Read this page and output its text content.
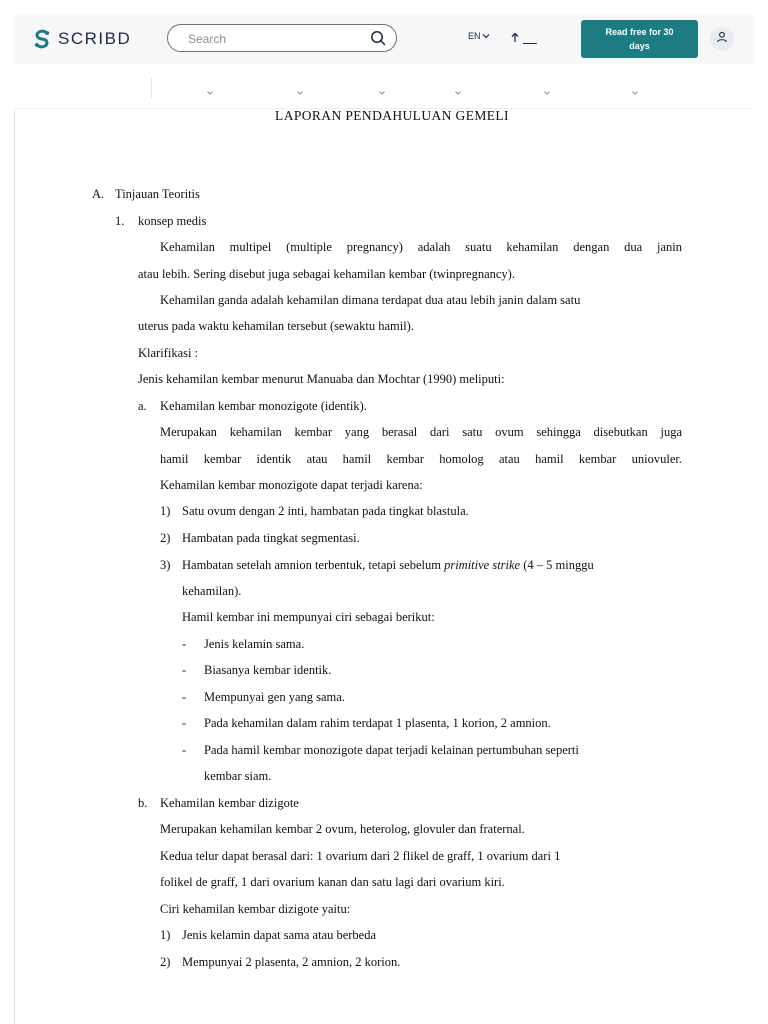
SCRIBD
Search	EN	Read free for 30 days
LAPORAN PENDAHULUAN GEMELI
A. Tinjauan Teoritis
1. konsep medis
Kehamilan multipel (multiple pregnancy) adalah suatu kehamilan dengan dua janin
atau lebih. Sering disebut juga sebagai kehamilan kembar (twinpregnancy).
Kehamilan ganda adalah kehamilan dimana terdapat dua atau lebih janin dalam satu
uterus pada waktu kehamilan tersebut (sewaktu hamil).
Klarifikasi :
Jenis kehamilan kembar menurut Manuaba dan Mochtar (1990) meliputi:
a. Kehamilan kembar monozigote (identik).
Merupakan kehamilan kembar yang berasal dari satu ovum sehingga disebutkan juga
hamil kembar identik atau hamil kembar homolog atau hamil kembar uniovuler.
Kehamilan kembar monozigote dapat terjadi karena:
1) Satu ovum dengan 2 inti, hambatan pada tingkat blastula.
2) Hambatan pada tingkat segmentasi.
3) Hambatan setelah amnion terbentuk, tetapi sebelum primitive strike (4 – 5 minggu
kehamilan).
Hamil kembar ini mempunyai ciri sebagai berikut:
- Jenis kelamin sama.
- Biasanya kembar identik.
- Mempunyai gen yang sama.
- Pada kehamilan dalam rahim terdapat 1 plasenta, 1 korion, 2 amnion.
- Pada hamil kembar monozigote dapat terjadi kelainan pertumbuhan seperti
kembar siam.
b. Kehamilan kembar dizigote
Merupakan kehamilan kembar 2 ovum, heterolog, glovuler dan fraternal.
Kedua telur dapat berasal dari: 1 ovarium dari 2 flikel de graff, 1 ovarium dari 1
folikel de graff, 1 dari ovarium kanan dan satu lagi dari ovarium kiri.
Ciri kehamilan kembar dizigote yaitu:
1) Jenis kelamin dapat sama atau berbeda
2) Mempunyai 2 plasenta, 2 amnion, 2 korion.
